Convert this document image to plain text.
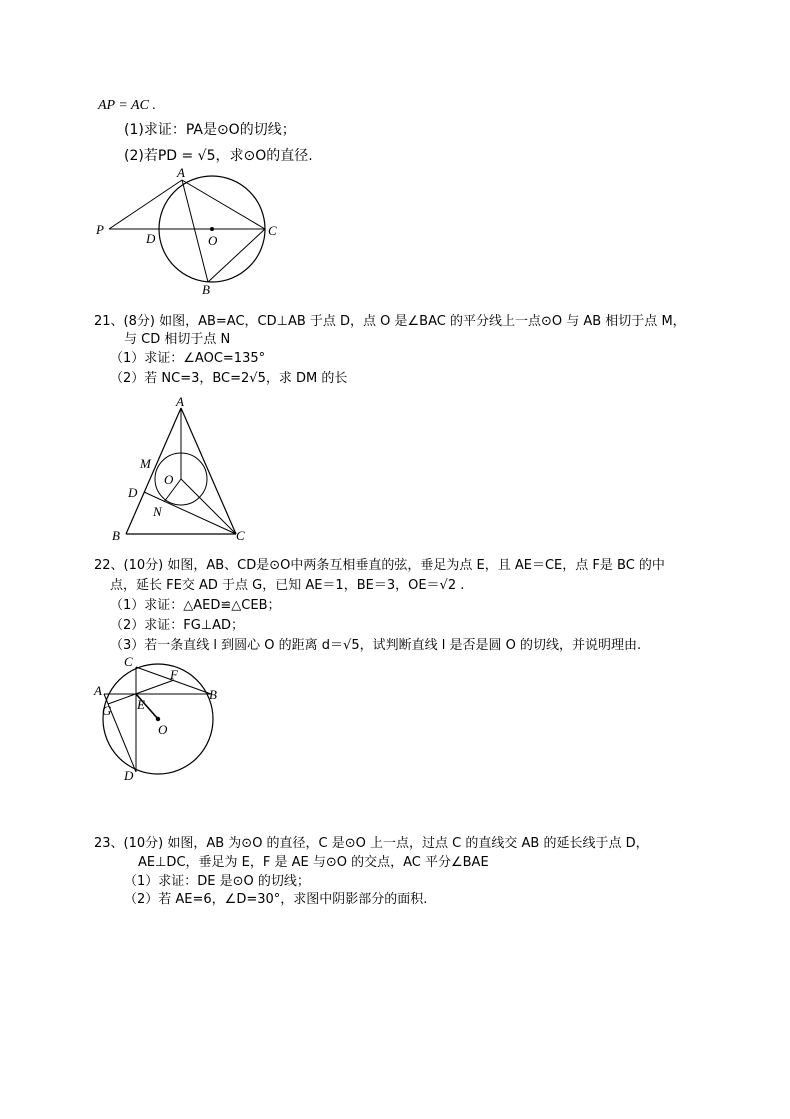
AP = AC .
(1)求证：PA是⊙O的切线；
(2)若PD = √5，求⊙O的直径.
A
P
D	O
C
B
21、(8分) 如图，AB=AC，CD⊥AB 于点 D，点 O 是∠BAC 的平分线上一点⊙O 与 AB 相切于点 M，
与 CD 相切于点 N
（1）求证：∠AOC=135°
（2）若 NC=3，BC=2√5，求 DM 的长
A
M
O
D
N
B	C
22、(10分) 如图，AB、CD是⊙O中两条互相垂直的弦，垂足为点 E，且 AE＝CE，点 F是 BC 的中
点，延长 FE交 AD 于点 G，已知 AE＝1，BE＝3，OE＝√2 .
（1）求证：△AED≌△CEB；
（2）求证：FG⊥AD；
（3）若一条直线 l 到圆心 O 的距离 d＝√5，试判断直线 l 是否是圆 O 的切线，并说明理由.
C
F
A	B
G E
O
D
23、(10分) 如图，AB 为⊙O 的直径，C 是⊙O 上一点，过点 C 的直线交 AB 的延长线于点 D，
AE⊥DC，垂足为 E，F 是 AE 与⊙O 的交点，AC 平分∠BAE
（1）求证：DE 是⊙O 的切线；
（2）若 AE=6，∠D=30°，求图中阴影部分的面积.
